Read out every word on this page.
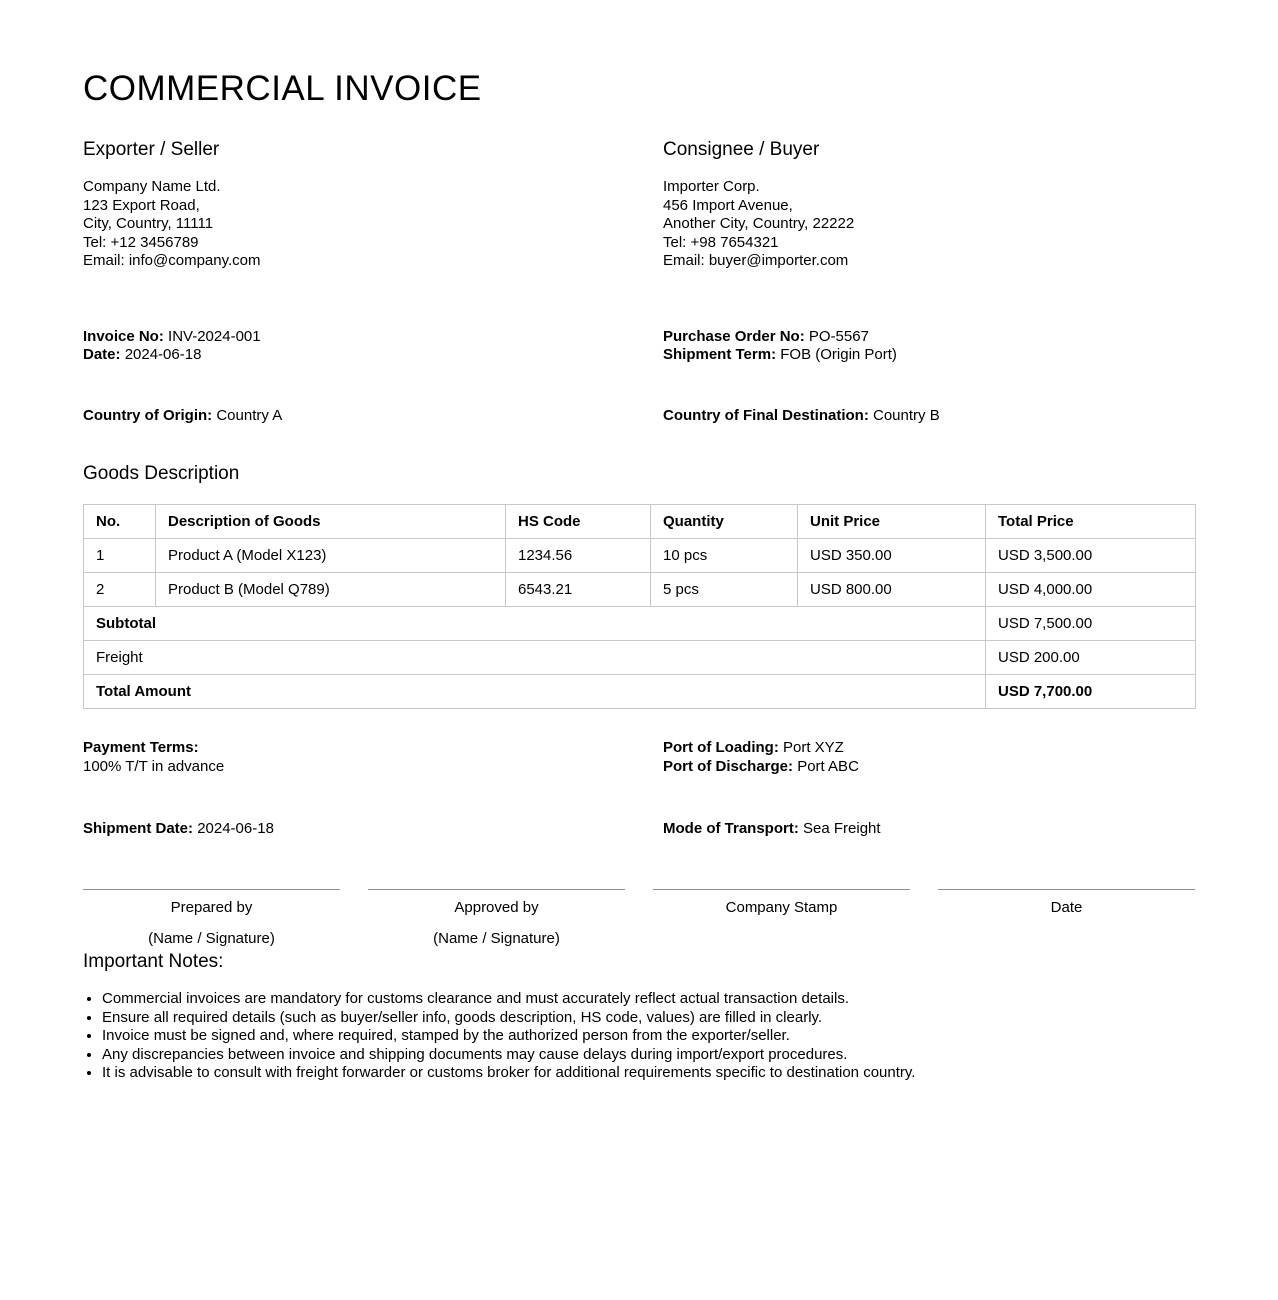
COMMERCIAL INVOICE
Exporter / Seller
Company Name Ltd.
123 Export Road,
City, Country, 11111
Tel: +12 3456789
Email: info@company.com
Consignee / Buyer
Importer Corp.
456 Import Avenue,
Another City, Country, 22222
Tel: +98 7654321
Email: buyer@importer.com
Invoice No: INV-2024-001
Date: 2024-06-18
Purchase Order No: PO-5567
Shipment Term: FOB (Origin Port)
Country of Origin: Country A	Country of Final Destination: Country B
Goods Description
No.	Description of Goods	HS Code	Quantity	Unit Price	Total Price
1	Product A (Model X123)	1234.56	10 pcs	USD 350.00	USD 3,500.00
2	Product B (Model Q789)	6543.21	5 pcs	USD 800.00	USD 4,000.00
Subtotal					USD 7,500.00
Freight					USD 200.00
Total Amount					USD 7,700.00
Payment Terms:
100% T/T in advance
Port of Loading: Port XYZ
Port of Discharge: Port ABC
Shipment Date: 2024-06-18	Mode of Transport: Sea Freight
Prepared by
(Name / Signature)
Approved by
(Name / Signature)
Company Stamp	Date
Important Notes:
• Commercial invoices are mandatory for customs clearance and must accurately reflect actual transaction details.
• Ensure all required details (such as buyer/seller info, goods description, HS code, values) are filled in clearly.
• Invoice must be signed and, where required, stamped by the authorized person from the exporter/seller.
• Any discrepancies between invoice and shipping documents may cause delays during import/export procedures.
• It is advisable to consult with freight forwarder or customs broker for additional requirements specific to destination country.
